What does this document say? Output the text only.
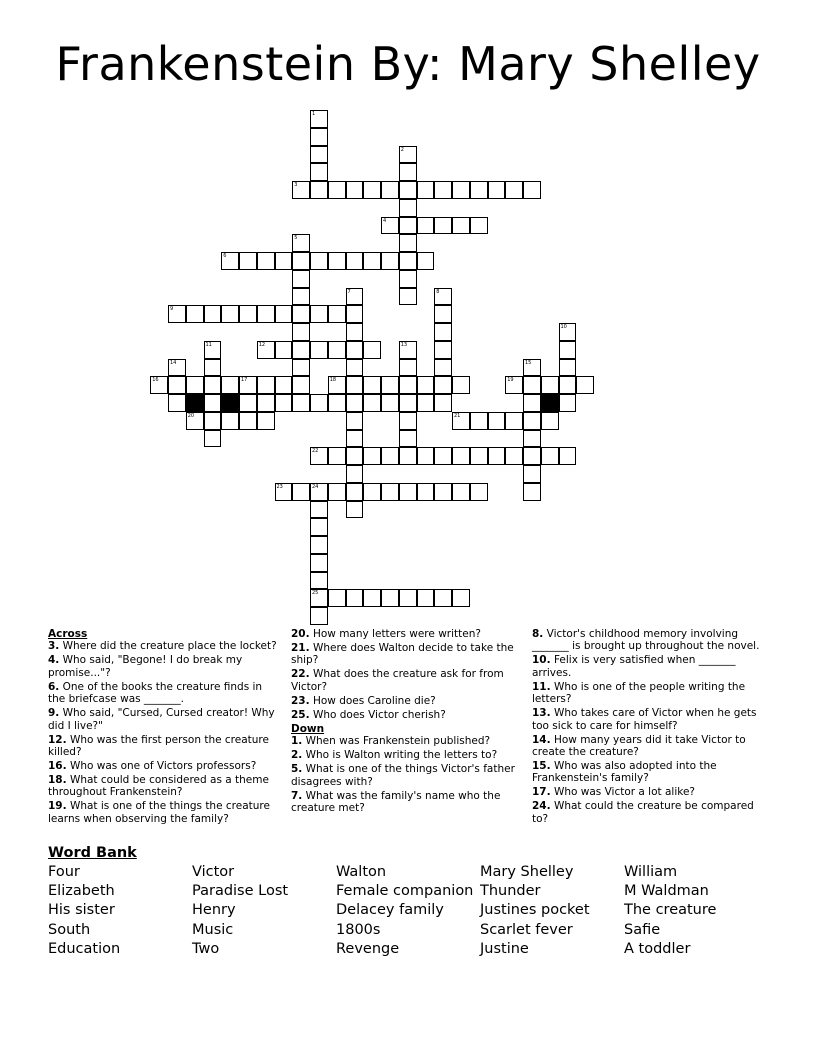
Frankenstein By: Mary Shelley
1
2
3
4
5
6
7	8
9
10
11	12	13
14	15
16	17	18	19
20	21
22
23	24
25
Across
3. Where did the creature place the locket?
4. Who said, "Begone! I do break my promise..."?
6. One of the books the creature finds in the briefcase was _______.
9. Who said, "Cursed, Cursed creator! Why did I live?"
12. Who was the first person the creature killed?
16. Who was one of Victors professors?
18. What could be considered as a theme throughout Frankenstein?
19. What is one of the things the creature learns when observing the family?
20. How many letters were written?
21. Where does Walton decide to take the ship?
22. What does the creature ask for from Victor?
23. How does Caroline die?
25. Who does Victor cherish?
Down
1. When was Frankenstein published?
2. Who is Walton writing the letters to?
5. What is one of the things Victor's father disagrees with?
7. What was the family's name who the creature met?
8. Victor's childhood memory involving _______ is brought up throughout the novel.
10. Felix is very satisfied when _______ arrives.
11. Who is one of the people writing the letters?
13. Who takes care of Victor when he gets too sick to care for himself?
14. How many years did it take Victor to create the creature?
15. Who was also adopted into the Frankenstein's family?
17. Who was Victor a lot alike?
24. What could the creature be compared to?
Word Bank
Four
Elizabeth
His sister
South
Education
Victor
Paradise Lost
Henry
Music
Two
Walton
Female companion
Delacey family
1800s
Revenge
Mary Shelley
Thunder
Justines pocket
Scarlet fever
Justine
William
M Waldman
The creature
Safie
A toddler
